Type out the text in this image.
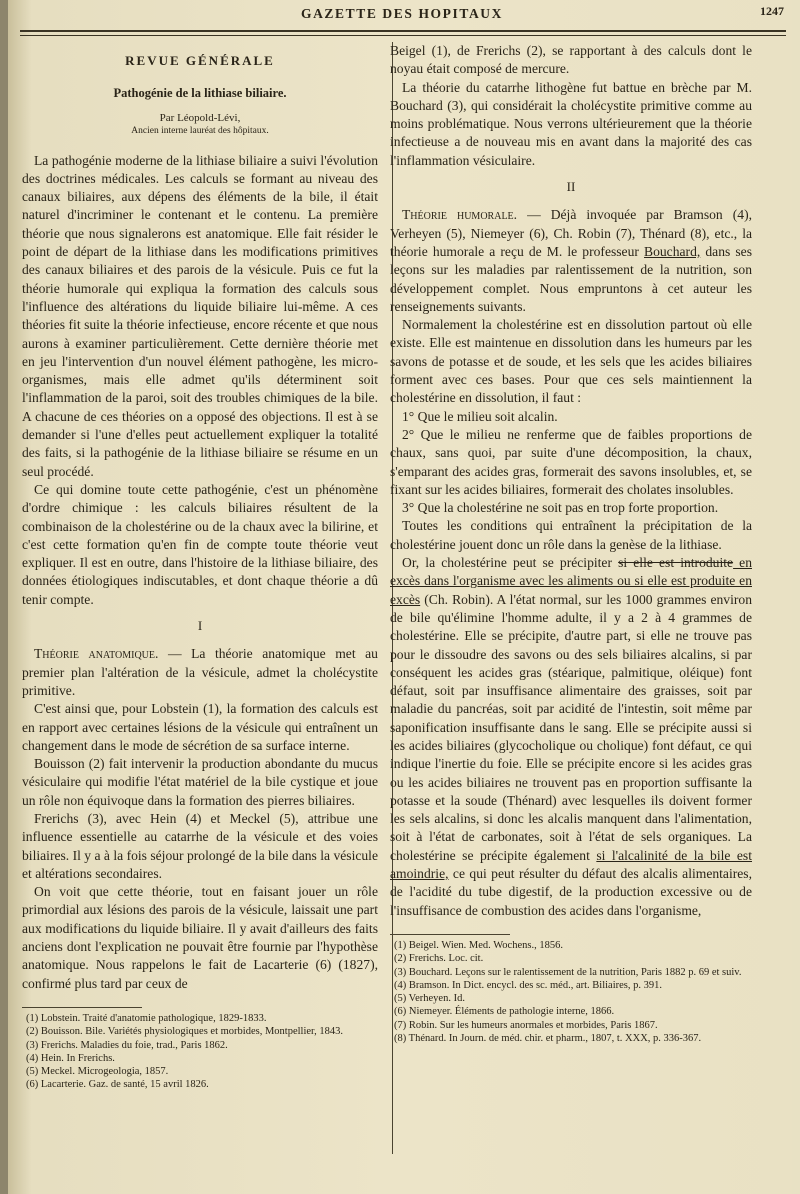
GAZETTE DES HOPITAUX	1247
REVUE GÉNÉRALE
Pathogénie de la lithiase biliaire.
Par Léopold-Lévi,
Ancien interne lauréat des hôpitaux.

La pathogénie moderne de la lithiase biliaire a suivi l'évolution des doctrines médicales. Les calculs se formant au niveau des canaux biliaires, aux dépens des éléments de la bile, il était naturel d'incriminer le contenant et le contenu. La première théorie que nous signalerons est anatomique. Elle fait résider le point de départ de la lithiase dans les modifications primitives des canaux biliaires et des parois de la vésicule. Puis ce fut la théorie humorale qui expliqua la formation des calculs sous l'influence des altérations du liquide biliaire lui-même. A ces théories fit suite la théorie infectieuse, encore récente et que nous aurons à examiner particulièrement. Cette dernière théorie met en jeu l'intervention d'un nouvel élément pathogène, les micro-organismes, mais elle admet qu'ils déterminent soit l'inflammation de la paroi, soit des troubles chimiques de la bile. A chacune de ces théories on a opposé des objections. Il est à se demander si l'une d'elles peut actuellement expliquer la totalité des faits, si la pathogénie de la lithiase biliaire se résume en un seul procédé.

Ce qui domine toute cette pathogénie, c'est un phénomène d'ordre chimique : les calculs biliaires résultent de la combinaison de la cholestérine ou de la chaux avec la bilirine, et c'est cette formation qu'en fin de compte toute théorie veut expliquer. Il est en outre, dans l'histoire de la lithiase biliaire, des données étiologiques indiscutables, et dont chaque théorie a dû tenir compte.

I

Théorie anatomique. — La théorie anatomique met au premier plan l'altération de la vésicule, admet la cholécystite primitive.

C'est ainsi que, pour Lobstein (1), la formation des calculs est en rapport avec certaines lésions de la vésicule qui entraînent un changement dans le mode de sécrétion de sa surface interne.

Bouisson (2) fait intervenir la production abondante du mucus vésiculaire qui modifie l'état matériel de la bile cystique et joue un rôle non équivoque dans la formation des pierres biliaires.

Frerichs (3), avec Hein (4) et Meckel (5), attribue une influence essentielle au catarrhe de la vésicule et des voies biliaires. Il y a à la fois séjour prolongé de la bile dans la vésicule et altérations secondaires.

On voit que cette théorie, tout en faisant jouer un rôle primordial aux lésions des parois de la vésicule, laissait une part aux modifications du liquide biliaire. Il y avait d'ailleurs des faits anciens dont l'explication ne pouvait être fournie par l'hypothèse anatomique. Nous rappelons le fait de Lacarterie (6) (1827), confirmé plus tard par ceux de

(1) Lobstein. Traité d'anatomie pathologique, 1829-1833.
(2) Bouisson. Bile. Variétés physiologiques et morbides, Montpellier, 1843.
(3) Frerichs. Maladies du foie, trad., Paris 1862.
(4) Hein. In Frerichs.
(5) Meckel. Microgeologia, 1857.
(6) Lacarterie. Gaz. de santé, 15 avril 1826.

Beigel (1), de Frerichs (2), se rapportant à des calculs dont le noyau était composé de mercure.

La théorie du catarrhe lithogène fut battue en brèche par M. Bouchard (3), qui considérait la cholécystite primitive comme au moins problématique. Nous verrons ultérieurement que la théorie infectieuse a de nouveau mis en avant dans la majorité des cas l'inflammation vésiculaire.

II

Théorie humorale. — Déjà invoquée par Bramson (4), Verheyen (5), Niemeyer (6), Ch. Robin (7), Thénard (8), etc., la théorie humorale a reçu de M. le professeur Bouchard, dans ses leçons sur les maladies par ralentissement de la nutrition, son développement complet. Nous empruntons à cet auteur les renseignements suivants.

Normalement la cholestérine est en dissolution partout où elle existe. Elle est maintenue en dissolution dans les humeurs par les savons de potasse et de soude, et les sels que les acides biliaires forment avec ces bases. Pour que ces sels maintiennent la cholestérine en dissolution, il faut :

1° Que le milieu soit alcalin.

2° Que le milieu ne renferme que de faibles proportions de chaux, sans quoi, par suite d'une décomposition, la chaux, s'emparant des acides gras, formerait des savons insolubles, et, se fixant sur les acides biliaires, formerait des cholates insolubles.

3° Que la cholestérine ne soit pas en trop forte proportion.

Toutes les conditions qui entraînent la précipitation de la cholestérine jouent donc un rôle dans la genèse de la lithiase.

Or, la cholestérine peut se précipiter si elle est introduite en excès dans l'organisme avec les aliments ou si elle est produite en excès (Ch. Robin). A l'état normal, sur les 1000 grammes environ de bile qu'élimine l'homme adulte, il y a 2 à 4 grammes de cholestérine. Elle se précipite, d'autre part, si elle ne trouve pas pour le dissoudre des savons ou des sels biliaires alcalins, si par conséquent les acides gras (stéarique, palmitique, oléique) font défaut, soit par insuffisance alimentaire des graisses, soit par maladie du pancréas, soit par acidité de l'intestin, soit même par saponification insuffisante dans le sang. Elle se précipite aussi si les acides biliaires (glycocholique ou cholique) font défaut, ce qui indique l'inertie du foie. Elle se précipite encore si les acides gras ou les acides biliaires ne trouvent pas en proportion suffisante la potasse et la soude (Thénard) avec lesquelles ils doivent former les sels alcalins, si donc les alcalis manquent dans l'alimentation, soit à l'état de carbonates, soit à l'état de sels organiques. La cholestérine se précipite également si l'alcalinité de la bile est amoindrie, ce qui peut résulter du défaut des alcalis alimentaires, de l'acidité du tube digestif, de la production excessive ou de l'insuffisance de combustion des acides dans l'organisme,

(1) Beigel. Wien. Med. Wochens., 1856.
(2) Frerichs. Loc. cit.
(3) Bouchard. Leçons sur le ralentissement de la nutrition, Paris 1882 p. 69 et suiv.
(4) Bramson. In Dict. encycl. des sc. méd., art. Biliaires, p. 391.
(5) Verheyen. Id.
(6) Niemeyer. Éléments de pathologie interne, 1866.
(7) Robin. Sur les humeurs anormales et morbides, Paris 1867.
(8) Thénard. In Journ. de méd. chir. et pharm., 1807, t. XXX, p. 336-367.
